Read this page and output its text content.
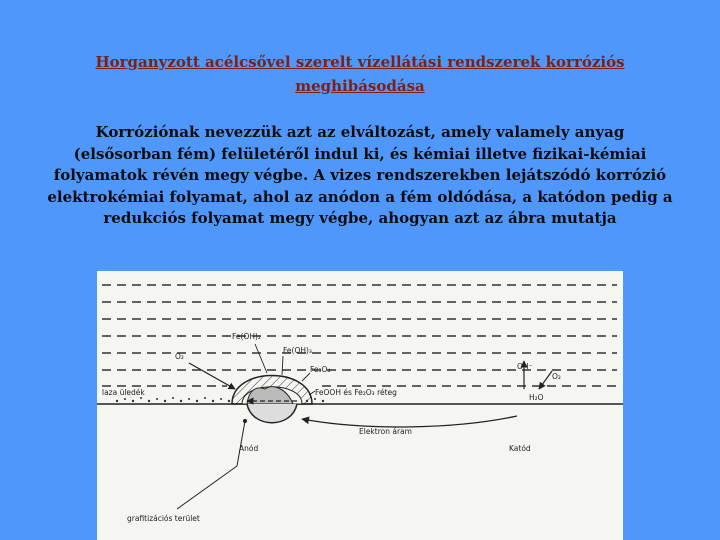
Horganyzott acélcsővel szerelt vízellátási rendszerek korróziós meghibásodása
Korróziónak nevezzük azt az elváltozást, amely valamely anyag (elsősorban fém) felületéről indul ki, és kémiai illetve fizikai-kémiai folyamatok révén megy végbe. A vizes rendszerekben lejátszódó korrózió elektrokémiai folyamat, ahol az anódon a fém oldódása, a katódon pedig a redukciós folyamat megy végbe, ahogyan azt az ábra mutatja
Fe(OH)₂
Fe(OH)₃
O₂
Fe₃O₄
FeOOH és Fe₂O₃ réteg
OH⁻
O₂
H₂O
laza üledék
Elektron áram
Anód	Katód
grafitizációs terület
